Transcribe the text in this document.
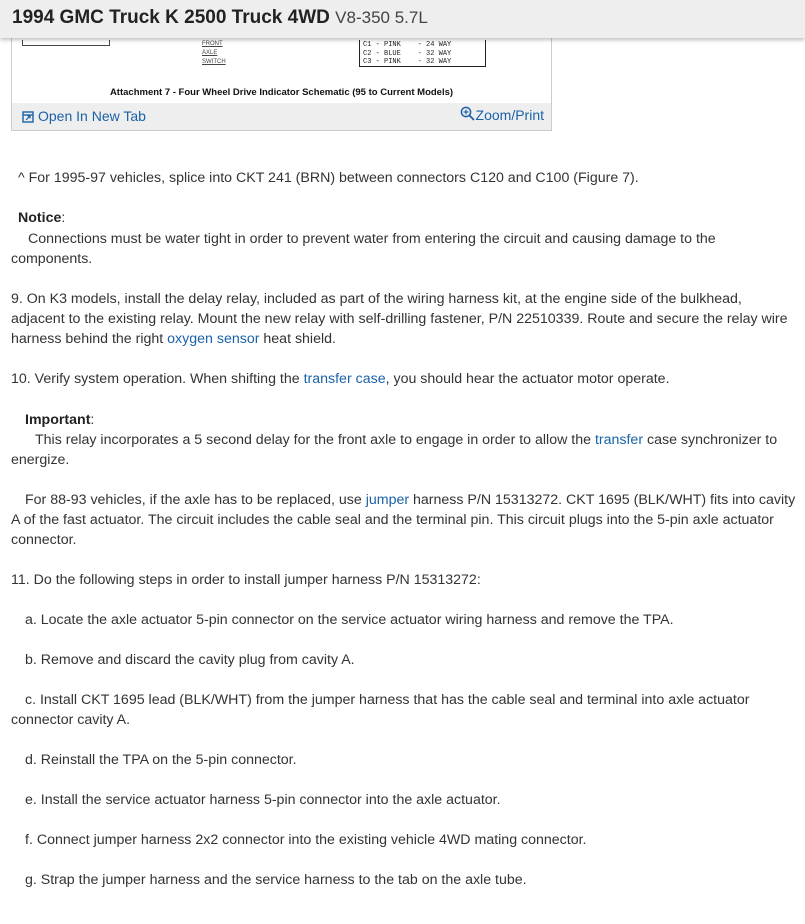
FRONT
AXLE
SWITCH
C1 - PINK    - 24 WAY
C2 - BLUE    - 32 WAY
C3 - PINK    - 32 WAY
Attachment 7 - Four Wheel Drive Indicator Schematic (95 to Current Models)
Open In New Tab	Zoom/Print
1994 GMC Truck K 2500 Truck 4WD V8-350 5.7L
^ For 1995-97 vehicles, splice into CKT 241 (BRN) between connectors C120 and C100 (Figure 7).
Notice:
Connections must be water tight in order to prevent water from entering the circuit and causing damage to the components.
9. On K3 models, install the delay relay, included as part of the wiring harness kit, at the engine side of the bulkhead, adjacent to the existing relay. Mount the new relay with self-drilling fastener, P/N 22510339. Route and secure the relay wire harness behind the right oxygen sensor heat shield.
10. Verify system operation. When shifting the transfer case, you should hear the actuator motor operate.
Important:
This relay incorporates a 5 second delay for the front axle to engage in order to allow the transfer case synchronizer to energize.
For 88-93 vehicles, if the axle has to be replaced, use jumper harness P/N 15313272. CKT 1695 (BLK/WHT) fits into cavity A of the fast actuator. The circuit includes the cable seal and the terminal pin. This circuit plugs into the 5-pin axle actuator connector.
11. Do the following steps in order to install jumper harness P/N 15313272:
a. Locate the axle actuator 5-pin connector on the service actuator wiring harness and remove the TPA.
b. Remove and discard the cavity plug from cavity A.
c. Install CKT 1695 lead (BLK/WHT) from the jumper harness that has the cable seal and terminal into axle actuator connector cavity A.
d. Reinstall the TPA on the 5-pin connector.
e. Install the service actuator harness 5-pin connector into the axle actuator.
f. Connect jumper harness 2x2 connector into the existing vehicle 4WD mating connector.
g. Strap the jumper harness and the service harness to the tab on the axle tube.
